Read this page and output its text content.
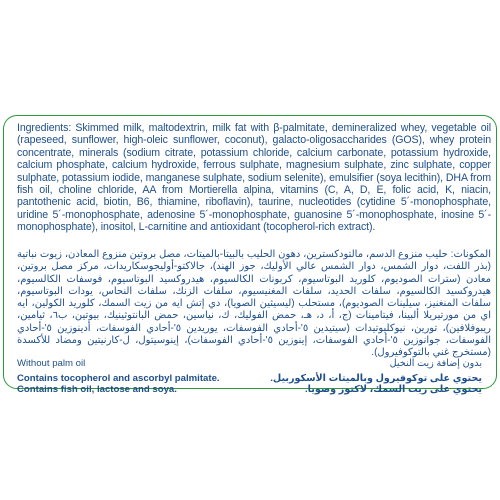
Ingredients: Skimmed milk, maltodextrin, milk fat with β-palmitate, demineralized whey, vegetable oil (rapeseed, sunflower, high-oleic sunflower, coconut), galacto-oligosaccharides (GOS), whey protein concentrate, minerals (sodium citrate, potassium chloride, calcium carbonate, potassium hydroxide, calcium phosphate, calcium hydroxide, ferrous sulphate, magnesium sulphate, zinc sulphate, copper sulphate, potassium iodide, manganese sulphate, sodium selenite), emulsifier (soya lecithin), DHA from fish oil, choline chloride, AA from Mortierella alpina, vitamins (C, A, D, E, folic acid, K, niacin, pantothenic acid, biotin, B6, thiamine, riboflavin), taurine, nucleotides (cytidine 5´-monophosphate, uridine 5´-monophosphate, adenosine 5´-monophosphate, guanosine 5´-monophosphate, inosine 5´-monophosphate), inositol, L-carnitine and antioxidant (tocopherol-rich extract).
المكونات: حليب منزوع الدسم، مالتودكسترين، دهون الحليب بالبيتا-بالميتات، مصل بروتين منزوع المعادن، زيوت نباتية (بذر اللفت، دوار الشمس، دوار الشمس عالي الأوليك، جوز الهند)، جالاكتو-أوليجوسكاريدات، مركز مصل بروتين، معادن (سترات الصوديوم، كلوريد البوتاسيوم، كربونات الكالسيوم، هيدروكسيد البوتاسيوم، فوسفات الكالسيوم، هيدروكسيد الكالسيوم، سلفات الحديد، سلفات المغنيسيوم، سلفات الزنك، سلفات النحاس، يودات البوتاسيوم، سلفات المنغنيز، سيلينات الصوديوم)، مستحلب (ليسيثين الصويا)، دي إتش ايه من زيت السمك، كلوريد الكولين، ايه اي من مورتيريلا ألبينا، فيتامينات (ج، أ، د، هـ، حمض الفوليك، ك، نياسين، حمض البانتوثينيك، بيوتين، ب٦، ثيامين، ريبوفلافين)، تورين، نيوكليوتيدات (سيتيدين ٥'-أحادي الفوسفات، يوريدين ٥'-أحادي الفوسفات، أدينوزين ٥'-أحادي الفوسفات، جوانوزين ٥'-أحادي الفوسفات، إينوزين ٥'-أحادي الفوسفات)، إينوسيتول، ل-كارنيتين ومضاد للأكسدة (مستخرج غني بالتوكوفيرول).
Without palm oil
Contains tocopherol and ascorbyl palmitate.
Contains fish oil, lactose and soya.
بدون إضافة زيت النخيل
يحتوي على توكوفيرول وبالميتات الأسكوربيل.
يحتوي على زيت السمك، لاكتوز وصويا.
